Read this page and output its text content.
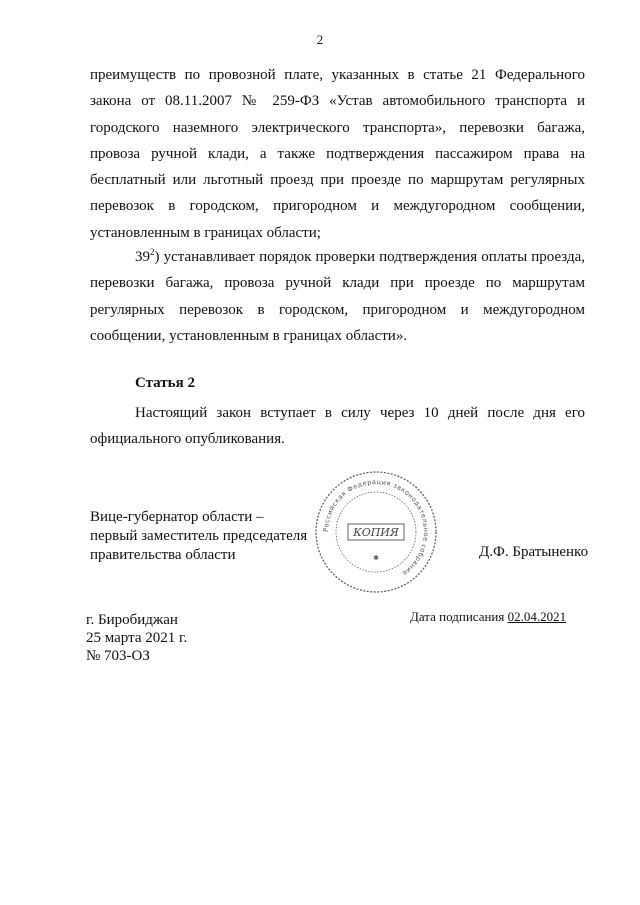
2
преимуществ по провозной плате, указанных в статье 21 Федерального закона от 08.11.2007 № 259-ФЗ «Устав автомобильного транспорта и городского наземного электрического транспорта», перевозки багажа, провоза ручной клади, а также подтверждения пассажиром права на бесплатный или льготный проезд при проезде по маршрутам регулярных перевозок в городском, пригородном и междугородном сообщении, установленным в границах области;
$39^2$) устанавливает порядок проверки подтверждения оплаты проезда, перевозки багажа, провоза ручной клади при проезде по маршрутам регулярных перевозок в городском, пригородном и междугородном сообщении, установленным в границах области».
Статья 2
Настоящий закон вступает в силу через 10 дней после дня его официального опубликования.
Вице-губернатор области –
первый заместитель председателя
правительства области
Российская Федерация законодательное собрание
КОПИЯ
✱	Д.Ф. Братыненко
г. Биробиджан
25 марта 2021 г.
№ 703-ОЗ
Дата подписания 02.04.2021
